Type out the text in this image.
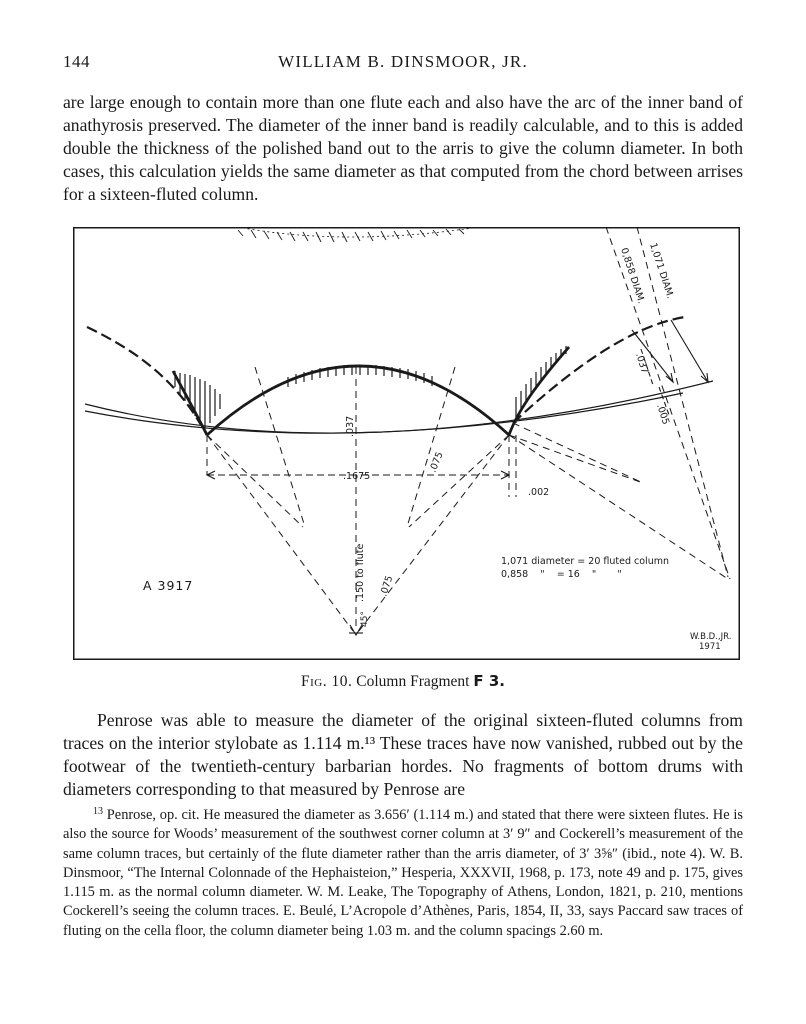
144	WILLIAM B. DINSMOOR, JR.

are large enough to contain more than one flute each and also have the arc of the inner band of anathyrosis preserved. The diameter of the inner band is readily calculable, and to this is added double the thickness of the polished band out to the arris to give the column diameter. In both cases, this calculation yields the same diameter as that computed from the chord between arrises for a sixteen-fluted column.

0,858 DIAM. 1,071 DIAM.
.037
.037
.005
.075
.075
.1675
.002
.150 to flute
45°
1,071 diameter = 20 fluted column
0,858    "    = 16    "       "
A 3917
W.B.D.,JR.
1971
Fig. 10. Column Fragment F 3.

Penrose was able to measure the diameter of the original sixteen-fluted columns from traces on the interior stylobate as 1.114 m.¹³ These traces have now vanished, rubbed out by the footwear of the twentieth-century barbarian hordes. No fragments of bottom drums with diameters corresponding to that measured by Penrose are

$^{13}$ Penrose, op. cit. He measured the diameter as 3.656′ (1.114 m.) and stated that there were sixteen flutes. He is also the source for Woods’ measurement of the southwest corner column at 3′ 9″ and Cockerell’s measurement of the same column traces, but certainly of the flute diameter rather than the arris diameter, of 3′ 3⅝″ (ibid., note 4). W. B. Dinsmoor, “The Internal Colonnade of the Hephaisteion,” Hesperia, XXXVII, 1968, p. 173, note 49 and p. 175, gives 1.115 m. as the normal column diameter. W. M. Leake, The Topography of Athens, London, 1821, p. 210, mentions Cockerell’s seeing the column traces. E. Beulé, L’Acropole d’Athènes, Paris, 1854, II, 33, says Paccard saw traces of fluting on the cella floor, the column diameter being 1.03 m. and the column spacings 2.60 m.
